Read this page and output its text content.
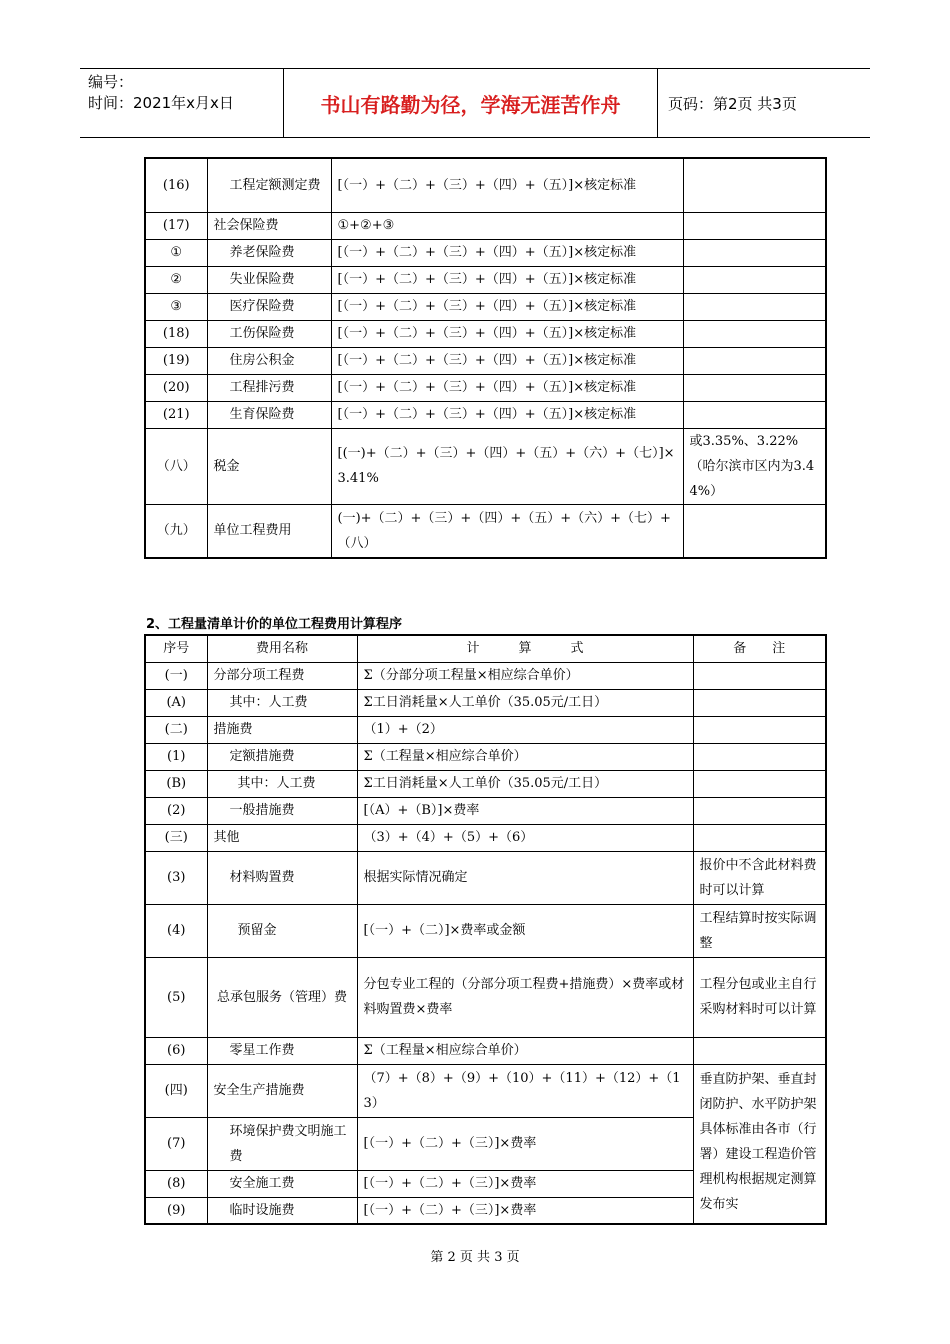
编号：
时间：2021年x月x日	书山有路勤为径，学海无涯苦作舟	页码：第2页 共3页
(16)	工程定额测定费	[（一）+（二）+（三）+（四）+（五）]×核定标准	
(17)	社会保险费	①+②+③	
①	养老保险费	[（一）+（二）+（三）+（四）+（五）]×核定标准	
②	失业保险费	[（一）+（二）+（三）+（四）+（五）]×核定标准	
③	医疗保险费	[（一）+（二）+（三）+（四）+（五）]×核定标准	
(18)	工伤保险费	[（一）+（二）+（三）+（四）+（五）]×核定标准	
(19)	住房公积金	[（一）+（二）+（三）+（四）+（五）]×核定标准	
(20)	工程排污费	[（一）+（二）+（三）+（四）+（五）]×核定标准	
(21)	生育保险费	[（一）+（二）+（三）+（四）+（五）]×核定标准	
（八）	税金	[(一)+（二）+（三）+（四）+（五）+（六）+（七）]×3.41%	或3.35%、3.22%（哈尔滨市区内为3.44%）
（九）	单位工程费用	(一)+（二）+（三）+（四）+（五）+（六）+（七）+（八）	
2、工程量清单计价的单位工程费用计算程序
序号	费用名称	计　　　算　　　式	备　　注
(一)	分部分项工程费	Σ（分部分项工程量×相应综合单价）	
(A)	其中：人工费	Σ工日消耗量×人工单价（35.05元/工日）	
(二)	措施费	（1）+（2）	
(1)	定额措施费	Σ（工程量×相应综合单价）	
(B)	其中：人工费	Σ工日消耗量×人工单价（35.05元/工日）	
(2)	一般措施费	[（A）+（B）]×费率	
(三)	其他	（3）+（4）+（5）+（6）	
(3)	材料购置费	根据实际情况确定	报价中不含此材料费时可以计算
(4)	预留金	[（一）+（二）]×费率或金额	工程结算时按实际调整
(5)	总承包服务（管理）费	分包专业工程的（分部分项工程费+措施费）×费率或材料购置费×费率	工程分包或业主自行采购材料时可以计算
(6)	零星工作费	Σ（工程量×相应综合单价）	
(四)	安全生产措施费	（7）+（8）+（9）+（10）+（11）+（12）+（13）	垂直防护架、垂直封闭防护、水平防护架具体标准由各市（行署）建设工程造价管理机构根据规定测算发布实
(7)	环境保护费文明施工费	[（一）+（二）+（三）]×费率	
(8)	安全施工费	[（一）+（二）+（三）]×费率	
(9)	临时设施费	[（一）+（二）+（三）]×费率	
第 2 页 共 3 页
